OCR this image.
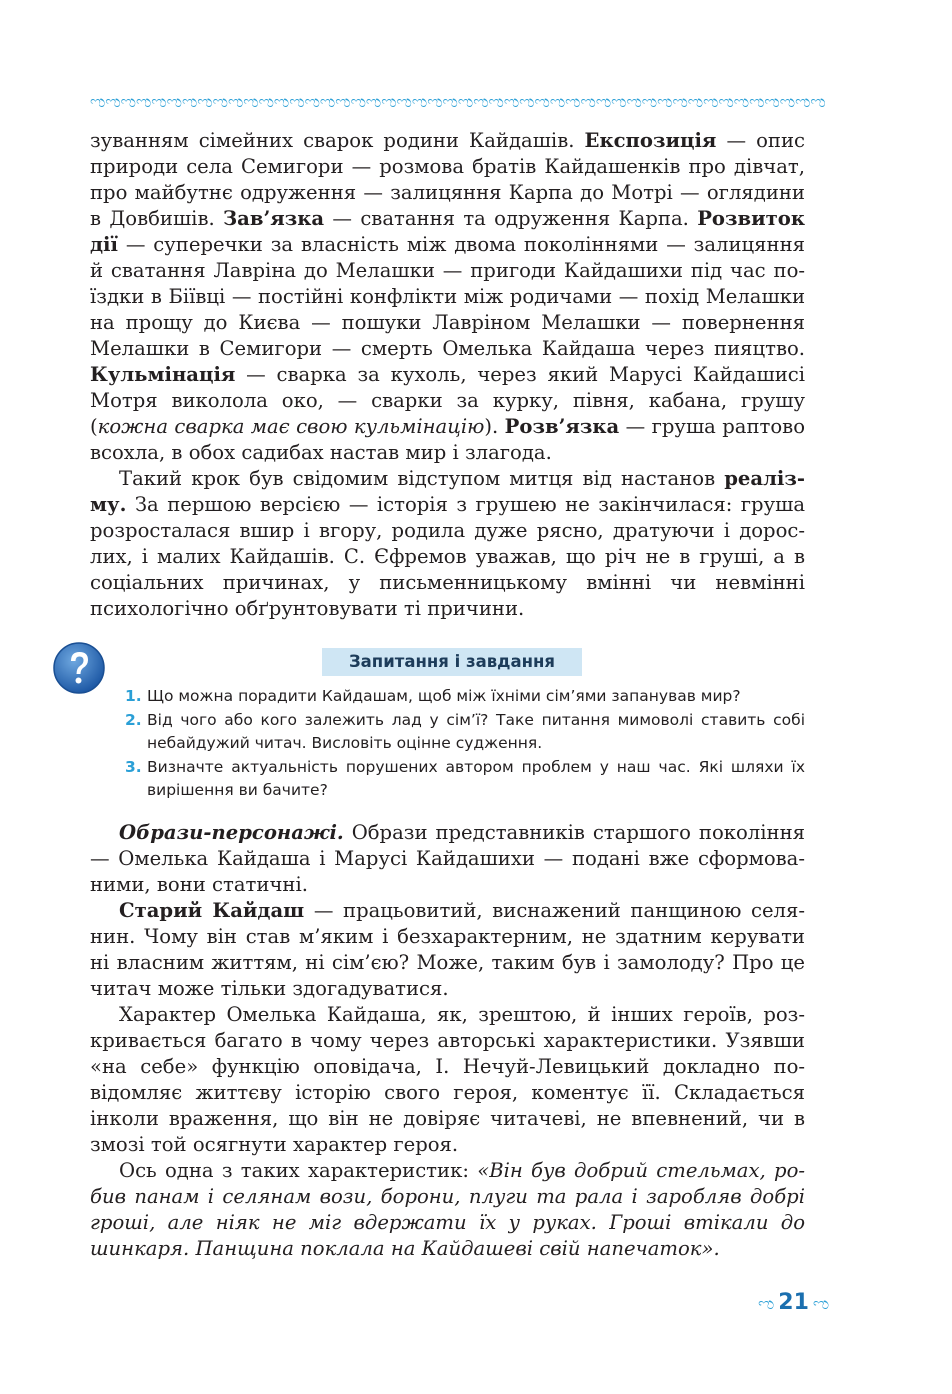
ಌಌಌಌಌಌಌಌಌಌಌಌಌಌಌಌಌಌಌಌಌಌಌಌಌಌಌಌಌಌಌಌಌಌಌಌಌಌಌಌಌಌಌಌಌಌಌಌ

зуванням сімейних сварок родини Кайдашів. Експозиція — опис природи села Семигори — розмова братів Кайдашенків про дівчат, про майбутнє одруження — залицяння Карпа до Мотрі — оглядини в Довбишів. Зав’язка — сватання та одруження Карпа. Розвиток дії — суперечки за власність між двома поколіннями — залицяння й сватання Лавріна до Мелашки — пригоди Кайдашихи під час поїздки в Біївці — постійні конфлікти між родичами — похід Мелашки на прощу до Києва — пошуки Лавріном Мелашки — повернення Мелашки в Семигори — смерть Омелька Кайдаша через пияцтво. Кульмінація — сварка за кухоль, через який Марусі Кайдашисі Мотря виколола око, — сварки за курку, півня, кабана, грушу (кожна сварка має свою кульмінацію). Розв’язка — груша раптово всохла, в обох садибах настав мир і злагода.

Такий крок був свідомим відступом митця від настанов реалізму. За першою версією — історія з грушею не закінчилася: груша розросталася вшир і вгору, родила дуже рясно, дратуючи і дорослих, і малих Кайдашів. С. Єфремов уважав, що річ не в груші, а в соціальних причинах, у письменницькому вмінні чи невмінні психологічно обґрунтовувати ті причини.

Запитання і завдання
1. Що можна порадити Кайдашам, щоб між їхніми сім’ями запанував мир?
2. Від чого або кого залежить лад у сім’ї? Таке питання мимоволі ставить собі небайдужий читач. Висловіть оцінне судження.
3. Визначте актуальність порушених автором проблем у наш час. Які шляхи їх вирішення ви бачите?

Образи-персонажі. Образи представників старшого покоління — Омелька Кайдаша і Марусі Кайдашихи — подані вже сформованими, вони статичні.

Старий Кайдаш — працьовитий, виснажений панщиною селянин. Чому він став м’яким і безхарактерним, не здатним керувати ні власним життям, ні сім’єю? Може, таким був і замолоду? Про це читач може тільки здогадуватися.

Характер Омелька Кайдаша, як, зрештою, й інших героїв, розкривається багато в чому через авторські характеристики. Узявши «на себе» функцію оповідача, І. Нечуй-Левицький докладно повідомляє життєву історію свого героя, коментує її. Складається інколи враження, що він не довіряє читачеві, не впевнений, чи в змозі той осягнути характер героя.

Ось одна з таких характеристик: «Він був добрий стельмах, робив панам і селянам вози, борони, плуги та рала і заробляв добрі гроші, але ніяк не міг вдержати їх у руках. Гроші втікали до шинкаря. Панщина поклала на Кайдашеві свій напечаток».

ಌ 21 ಌ
